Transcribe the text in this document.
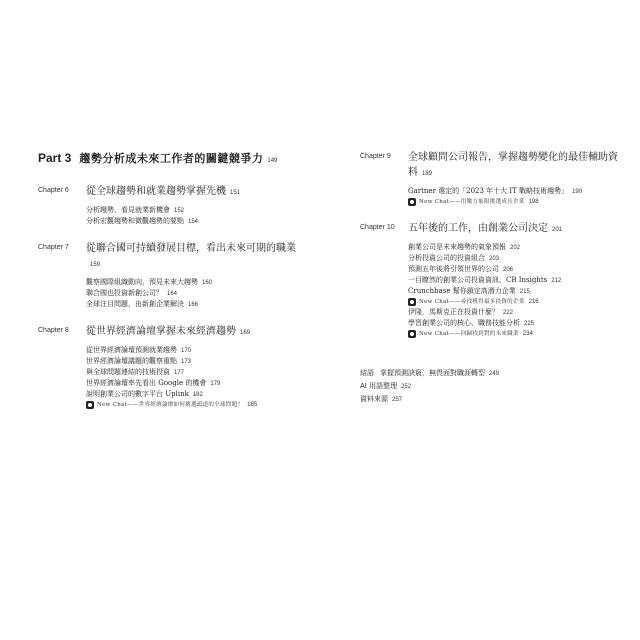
Part 3 趨勢分析成未來工作者的關鍵競爭力 149
Chapter 6	從全球趨勢和就業趨勢掌握先機 151
分析趨勢，看見就業新機會 152
分析宏觀趨勢和微觀趨勢的要點 154
Chapter 7	從聯合國可持續發展目標，看出未來可期的職業159
觀察國際組織動向，預見未來大趨勢 160
聯合國也投資新創公司？ 164
全球注目問題，由新創企業解決 166
Chapter 8	從世界經濟論壇掌握未來經濟趨勢 169
從世界經濟論壇預測就業趨勢 170
世界經濟論壇議題的觀察重點 173
與全球問題連結的技術投資 177
世界經濟論壇率先看出 Google 的機會 179
說明創業公司的數字平台 Uplink 182
New Chat——世界經濟論壇如何挑選頭道的全球問題？ 185
Chapter 9	全球顧問公司報告，掌握趨勢變化的最佳輔助資料 189
Gartner 選定的「2023 年十大 IT 戰略技術趨勢」 190
New Chat——用魔力象限挑選成長企業 198
Chapter 10	五年後的工作，由創業公司決定 201
創業公司是未來趨勢的氣象預報 202
分析投資公司的投資組合 203
預測五年後將引領世界的公司 206
一目瞭然的創業公司投資資訊，CB Insights 212
Crunchbase 幫你鎖定高潛力企業 215
New Chat——尋找獲得最多投資的企業 216
伊隆．馬斯克正在投資什麼？ 222
學習創業公司的核心、職務技能分析 225
New Chat——回歸找到對的未來職業 234
結語 掌握預測訣竅，無畏面對職涯轉型 249
AI 用語整理 252
資料來源 257
